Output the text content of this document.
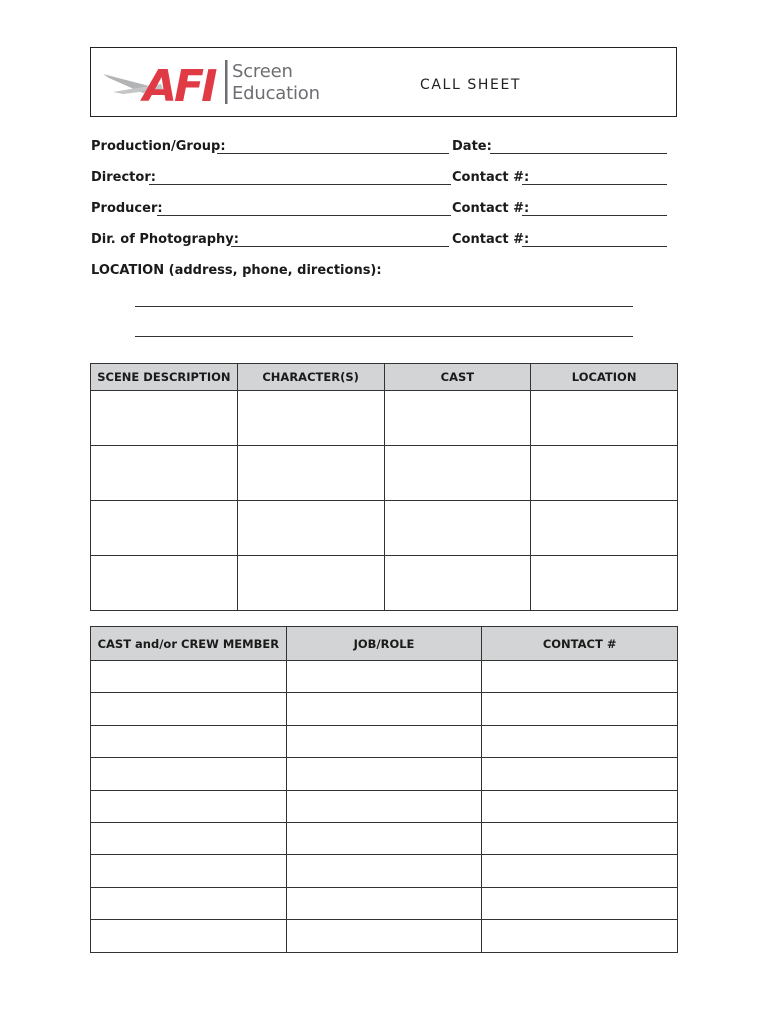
AFI Screen
Education	CALL SHEET
Production/Group:	Date:
Director:	Contact #:
Producer:	Contact #:
Dir. of Photography:	Contact #:
LOCATION (address, phone, directions):
SCENE DESCRIPTION	CHARACTER(S)	CAST	LOCATION

CAST and/or CREW MEMBER	JOB/ROLE	CONTACT #
